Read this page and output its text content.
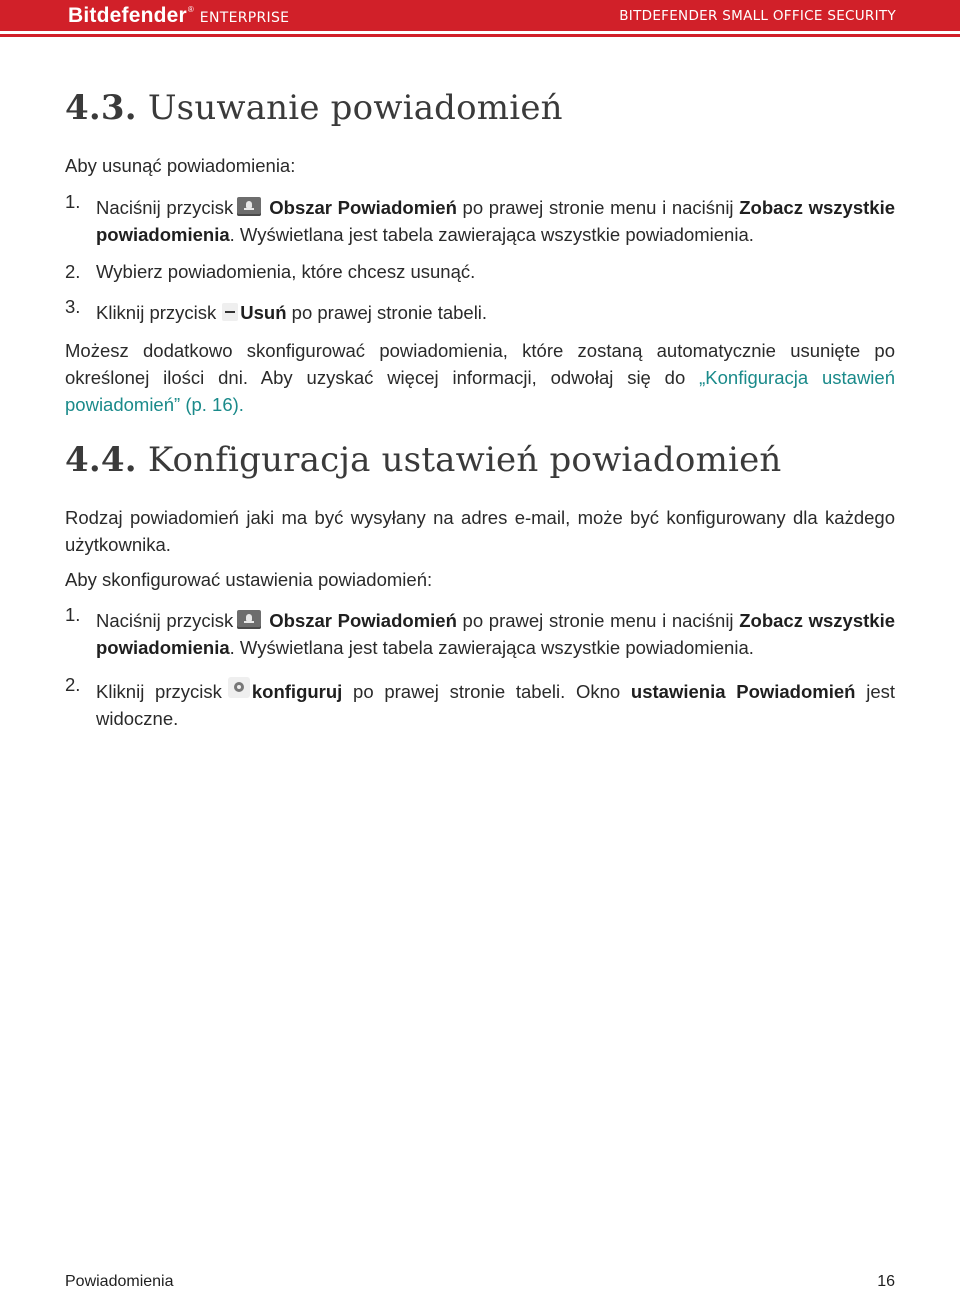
Bitdefender ® ENTERPRISE	BITDEFENDER SMALL OFFICE SECURITY
4.3. Usuwanie powiadomień

Aby usunąć powiadomienia:

1. Naciśnij przycisk Obszar Powiadomień po prawej stronie menu i naciśnij Zobacz wszystkie powiadomienia. Wyświetlana jest tabela zawierająca wszystkie powiadomienia.
2. Wybierz powiadomienia, które chcesz usunąć.
3. Kliknij przycisk Usuń po prawej stronie tabeli.

Możesz dodatkowo skonfigurować powiadomienia, które zostaną automatycznie usunięte po określonej ilości dni. Aby uzyskać więcej informacji, odwołaj się do „Konfiguracja ustawień powiadomień” (p. 16).

4.4. Konfiguracja ustawień powiadomień

Rodzaj powiadomień jaki ma być wysyłany na adres e-mail, może być konfigurowany dla każdego użytkownika.

Aby skonfigurować ustawienia powiadomień:

1. Naciśnij przycisk Obszar Powiadomień po prawej stronie menu i naciśnij Zobacz wszystkie powiadomienia. Wyświetlana jest tabela zawierająca wszystkie powiadomienia.
2. Kliknij przycisk konfiguruj po prawej stronie tabeli. Okno ustawienia Powiadomień jest widoczne.
Powiadomienia	16
